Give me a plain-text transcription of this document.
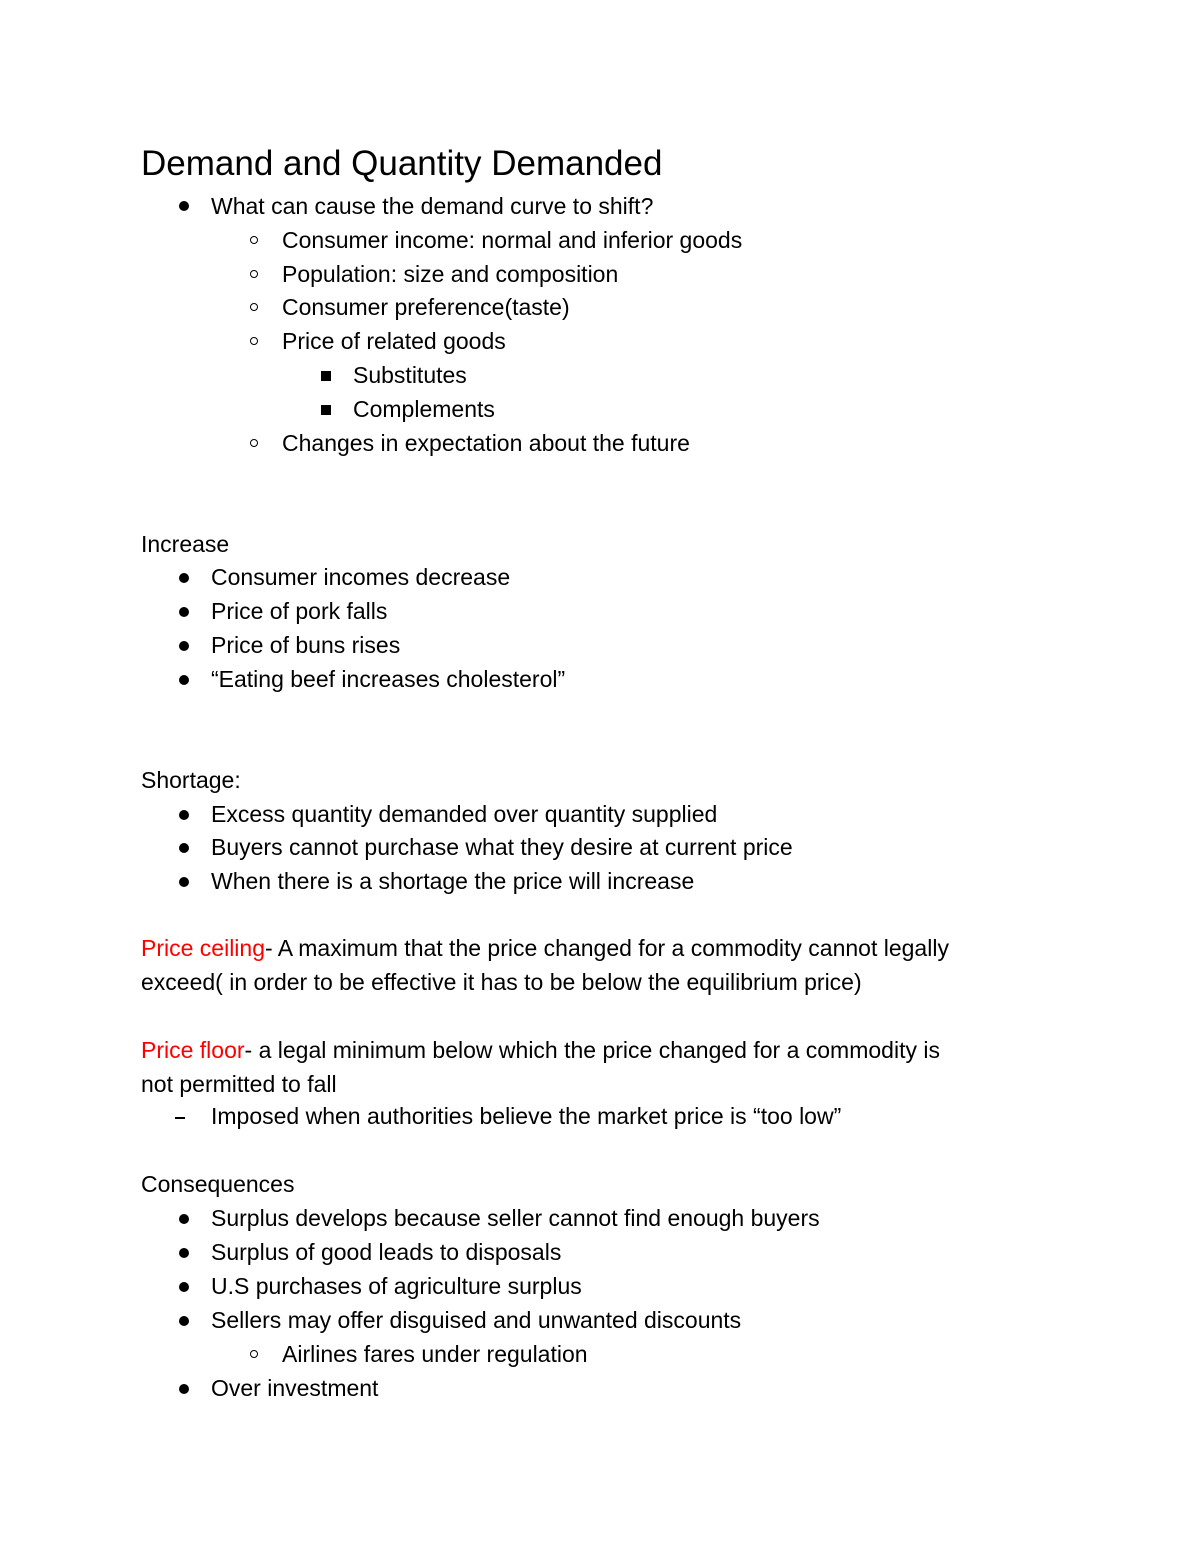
Demand and Quantity Demanded
What can cause the demand curve to shift?
Consumer income: normal and inferior goods
Population: size and composition
Consumer preference(taste)
Price of related goods
Substitutes
Complements
Changes in expectation about the future
Increase
Consumer incomes decrease
Price of pork falls
Price of buns rises
“Eating beef increases cholesterol”
Shortage:
Excess quantity demanded over quantity supplied
Buyers cannot purchase what they desire at current price
When there is a shortage the price will increase
Price ceiling- A maximum that the price changed for a commodity cannot legally
exceed( in order to be effective it has to be below the equilibrium price)
Price floor- a legal minimum below which the price changed for a commodity is
not permitted to fall
Imposed when authorities believe the market price is “too low”
Consequences
Surplus develops because seller cannot find enough buyers
Surplus of good leads to disposals
U.S purchases of agriculture surplus
Sellers may offer disguised and unwanted discounts
Airlines fares under regulation
Over investment
